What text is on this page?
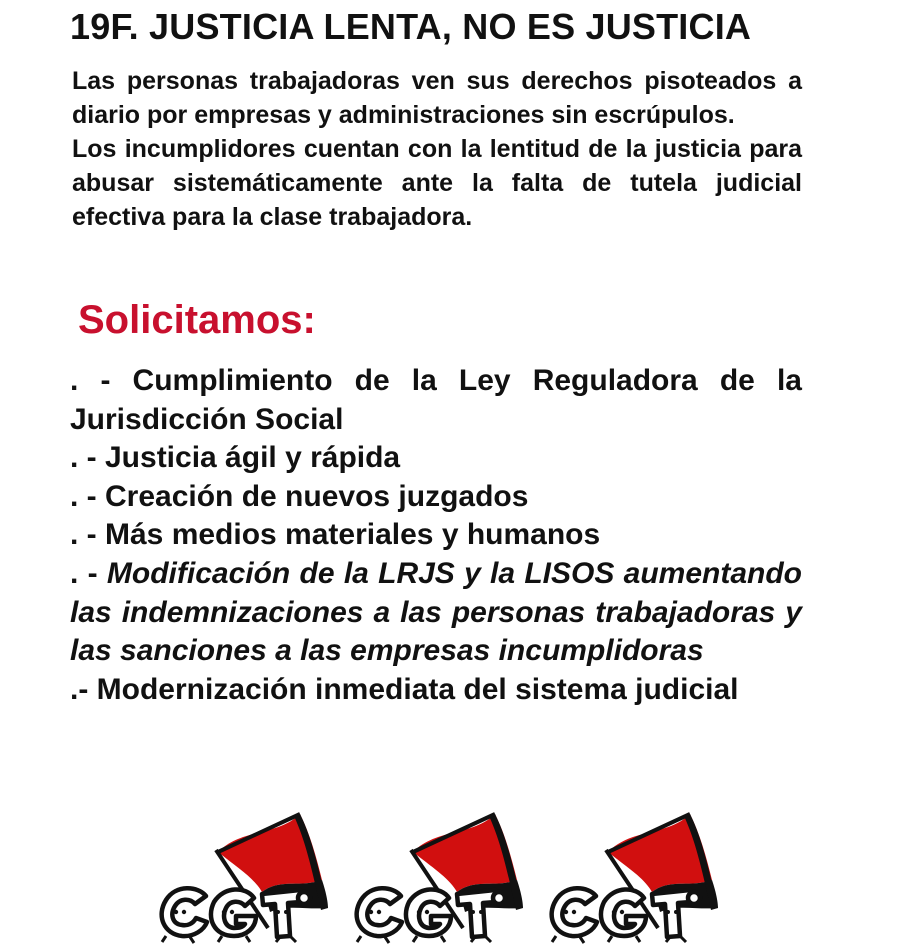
19F. JUSTICIA LENTA, NO ES JUSTICIA

Las personas trabajadoras ven sus derechos pisoteados a diario por empresas y administraciones sin escrúpulos.

Los incumplidores cuentan con la lentitud de la justicia para abusar sistemáticamente ante la falta de tutela judicial efectiva para la clase trabajadora.

Solicitamos:

. - Cumplimiento de la Ley Reguladora de la Jurisdicción Social

. - Justicia ágil y rápida

. - Creación de nuevos juzgados

. - Más medios materiales y humanos

. - Modificación de la LRJS y la LISOS aumentando las indemnizaciones a las personas trabajadoras y las sanciones a las empresas incumplidoras

.- Modernización inmediata del sistema judicial
